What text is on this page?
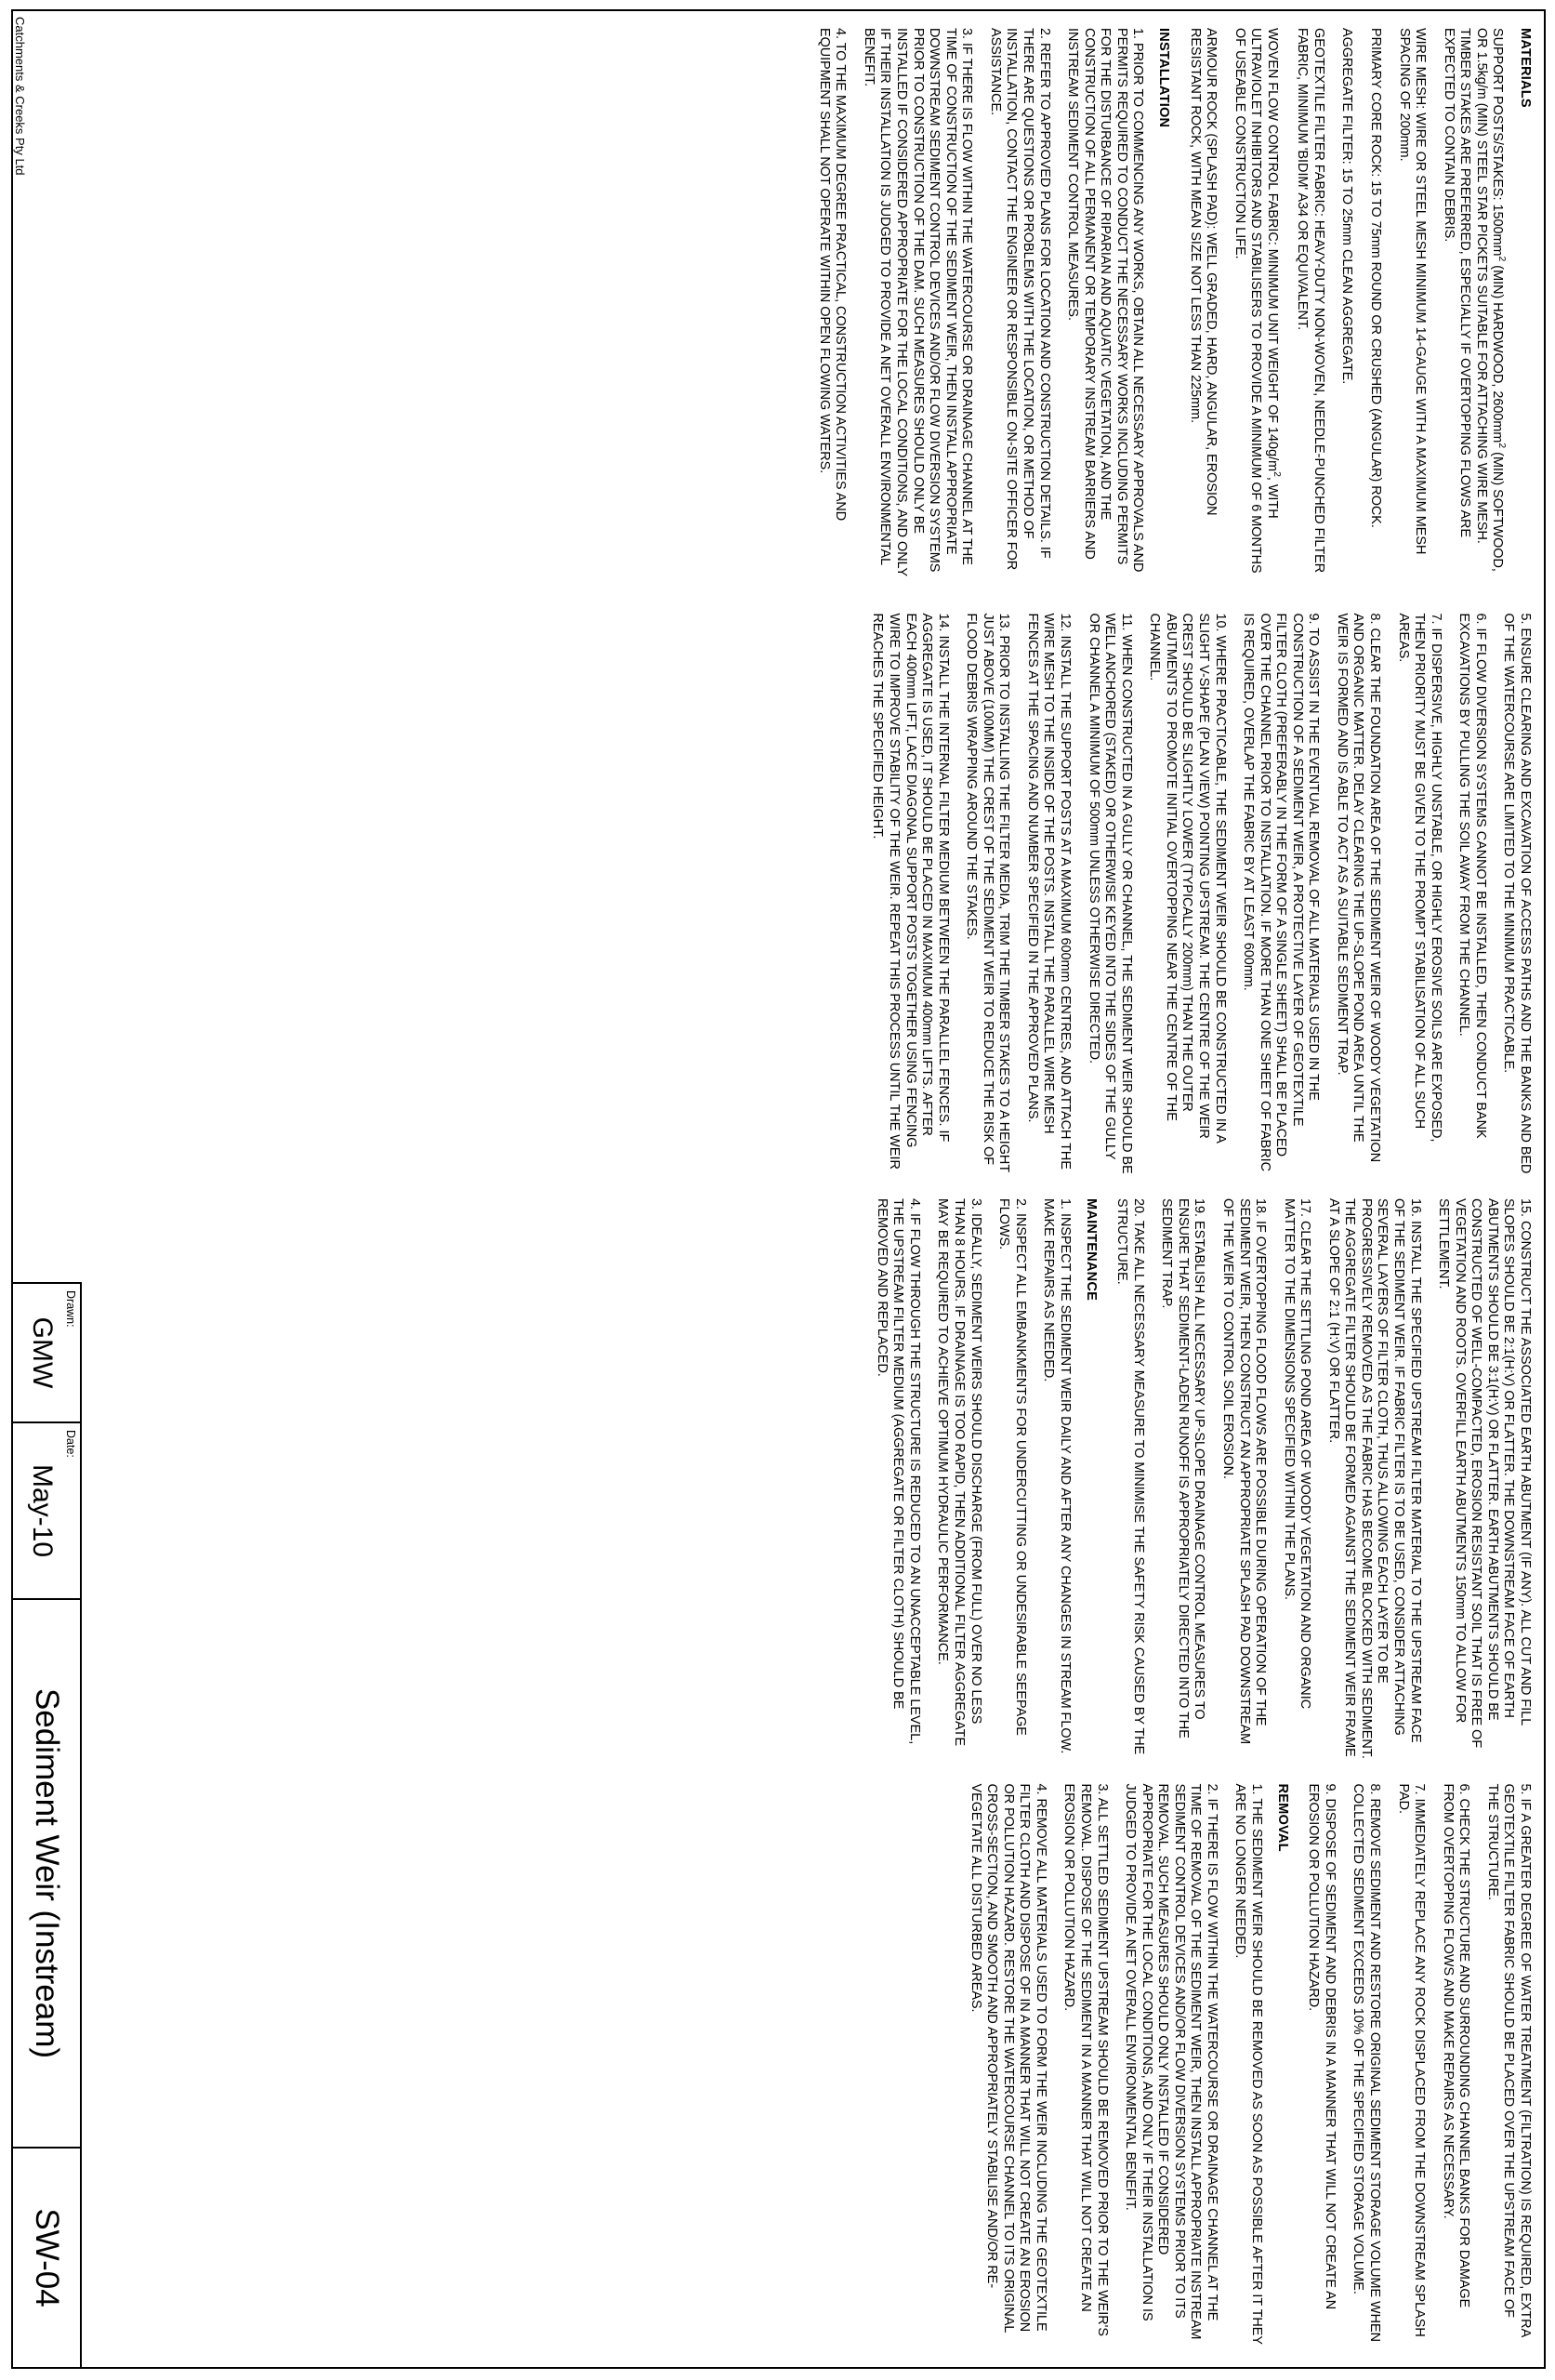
MATERIALS

SUPPORT POSTS/STAKES: $1500mm^2$ (MIN) HARDWOOD, $2600mm^2$ (MIN) SOFTWOOD, OR 1.5kg/m (MIN) STEEL STAR PICKETS SUITABLE FOR ATTACHING WIRE MESH. TIMBER STAKES ARE PREFERRED, ESPECIALLY IF OVERTOPPING FLOWS ARE EXPECTED TO CONTAIN DEBRIS.

WIRE MESH: WIRE OR STEEL MESH MINIMUM 14-GAUGE WITH A MAXIMUM MESH SPACING OF 200mm.

PRIMARY CORE ROCK: 15 TO 75mm ROUND OR CRUSHED (ANGULAR) ROCK.

AGGREGATE FILTER: 15 TO 25mm CLEAN AGGREGATE.

GEOTEXTILE FILTER FABRIC: HEAVY-DUTY NON-WOVEN, NEEDLE-PUNCHED FILTER FABRIC, MINIMUM 'BIDIM' A34 OR EQUIVALENT.

WOVEN FLOW CONTROL FABRIC: MINIMUM UNIT WEIGHT OF $140g/m^2$, WITH ULTRAVIOLET INHIBITORS AND STABILISERS TO PROVIDE A MINIMUM OF 6 MONTHS OF USEABLE CONSTRUCTION LIFE.

ARMOUR ROCK (SPLASH PAD): WELL GRADED, HARD, ANGULAR, EROSION RESISTANT ROCK, WITH MEAN SIZE NOT LESS THAN 225mm.

INSTALLATION

1. PRIOR TO COMMENCING ANY WORKS, OBTAIN ALL NECESSARY APPROVALS AND PERMITS REQUIRED TO CONDUCT THE NECESSARY WORKS INCLUDING PERMITS FOR THE DISTURBANCE OF RIPARIAN AND AQUATIC VEGETATION, AND THE CONSTRUCTION OF ALL PERMANENT OR TEMPORARY INSTREAM BARRIERS AND INSTREAM SEDIMENT CONTROL MEASURES.

2. REFER TO APPROVED PLANS FOR LOCATION AND CONSTRUCTION DETAILS. IF THERE ARE QUESTIONS OR PROBLEMS WITH THE LOCATION, OR METHOD OF INSTALLATION, CONTACT THE ENGINEER OR RESPONSIBLE ON-SITE OFFICER FOR ASSISTANCE.

3. IF THERE IS FLOW WITHIN THE WATERCOURSE OR DRAINAGE CHANNEL AT THE TIME OF CONSTRUCTION OF THE SEDIMENT WEIR, THEN INSTALL APPROPRIATE DOWNSTREAM SEDIMENT CONTROL DEVICES AND/OR FLOW DIVERSION SYSTEMS PRIOR TO CONSTRUCTION OF THE DAM. SUCH MEASURES SHOULD ONLY BE INSTALLED IF CONSIDERED APPROPRIATE FOR THE LOCAL CONDITIONS, AND ONLY IF THEIR INSTALLATION IS JUDGED TO PROVIDE A NET OVERALL ENVIRONMENTAL BENEFIT.

4. TO THE MAXIMUM DEGREE PRACTICAL, CONSTRUCTION ACTIVITIES AND EQUIPMENT SHALL NOT OPERATE WITHIN OPEN FLOWING WATERS.

5. ENSURE CLEARING AND EXCAVATION OF ACCESS PATHS AND THE BANKS AND BED OF THE WATERCOURSE ARE LIMITED TO THE MINIMUM PRACTICABLE.

6. IF FLOW DIVERSION SYSTEMS CANNOT BE INSTALLED, THEN CONDUCT BANK EXCAVATIONS BY PULLING THE SOIL AWAY FROM THE CHANNEL.

7. IF DISPERSIVE, HIGHLY UNSTABLE, OR HIGHLY EROSIVE SOILS ARE EXPOSED, THEN PRIORITY MUST BE GIVEN TO THE PROMPT STABILISATION OF ALL SUCH AREAS.

8. CLEAR THE FOUNDATION AREA OF THE SEDIMENT WEIR OF WOODY VEGETATION AND ORGANIC MATTER. DELAY CLEARING THE UP-SLOPE POND AREA UNTIL THE WEIR IS FORMED AND IS ABLE TO ACT AS A SUITABLE SEDIMENT TRAP.

9. TO ASSIST IN THE EVENTUAL REMOVAL OF ALL MATERIALS USED IN THE CONSTRUCTION OF A SEDIMENT WEIR, A PROTECTIVE LAYER OF GEOTEXTILE FILTER CLOTH (PREFERABLY IN THE FORM OF A SINGLE SHEET) SHALL BE PLACED OVER THE CHANNEL PRIOR TO INSTALLATION. IF MORE THAN ONE SHEET OF FABRIC IS REQUIRED, OVERLAP THE FABRIC BY AT LEAST 600mm.

10. WHERE PRACTICABLE, THE SEDIMENT WEIR SHOULD BE CONSTRUCTED IN A SLIGHT V-SHAPE (PLAN VIEW) POINTING UPSTREAM. THE CENTRE OF THE WEIR CREST SHOULD BE SLIGHTLY LOWER (TYPICALLY 200mm) THAN THE OUTER ABUTMENTS TO PROMOTE INITIAL OVERTOPPING NEAR THE CENTRE OF THE CHANNEL.

11. WHEN CONSTRUCTED IN A GULLY OR CHANNEL, THE SEDIMENT WEIR SHOULD BE WELL ANCHORED (STAKED) OR OTHERWISE KEYED INTO THE SIDES OF THE GULLY OR CHANNEL A MINIMUM OF 500mm UNLESS OTHERWISE DIRECTED.

12. INSTALL THE SUPPORT POSTS AT A MAXIMUM 600mm CENTRES, AND ATTACH THE WIRE MESH TO THE INSIDE OF THE POSTS. INSTALL THE PARALLEL WIRE MESH FENCES AT THE SPACING AND NUMBER SPECIFIED IN THE APPROVED PLANS.

13. PRIOR TO INSTALLING THE FILTER MEDIA, TRIM THE TIMBER STAKES TO A HEIGHT JUST ABOVE (100MM) THE CREST OF THE SEDIMENT WEIR TO REDUCE THE RISK OF FLOOD DEBRIS WRAPPING AROUND THE STAKES.

14. INSTALL THE INTERNAL FILTER MEDIUM BETWEEN THE PARALLEL FENCES. IF AGGREGATE IS USED, IT SHOULD BE PLACED IN MAXIMUM 400mm LIFTS. AFTER EACH 400mm LIFT, LACE DIAGONAL SUPPORT POSTS TOGETHER USING FENCING WIRE TO IMPROVE STABILITY OF THE WEIR. REPEAT THIS PROCESS UNTIL THE WEIR REACHES THE SPECIFIED HEIGHT.

15. CONSTRUCT THE ASSOCIATED EARTH ABUTMENT (IF ANY). ALL CUT AND FILL SLOPES SHOULD BE 2:1(H:V) OR FLATTER. THE DOWNSTREAM FACE OF EARTH ABUTMENTS SHOULD BE 3:1(H:V) OR FLATTER. EARTH ABUTMENTS SHOULD BE CONSTRUCTED OF WELL-COMPACTED, EROSION RESISTANT SOIL THAT IS FREE OF VEGETATION AND ROOTS. OVERFILL EARTH ABUTMENTS 150mm TO ALLOW FOR SETTLEMENT.

16. INSTALL THE SPECIFIED UPSTREAM FILTER MATERIAL TO THE UPSTREAM FACE OF THE SEDIMENT WEIR. IF FABRIC FILTER IS TO BE USED, CONSIDER ATTACHING SEVERAL LAYERS OF FILTER CLOTH, THUS ALLOWING EACH LAYER TO BE PROGRESSIVELY REMOVED AS THE FABRIC HAS BECOME BLOCKED WITH SEDIMENT. THE AGGREGATE FILTER SHOULD BE FORMED AGAINST THE SEDIMENT WEIR FRAME AT A SLOPE OF 2:1 (H:V) OR FLATTER.

17. CLEAR THE SETTLING POND AREA OF WOODY VEGETATION AND ORGANIC MATTER TO THE DIMENSIONS SPECIFIED WITHIN THE PLANS.

18. IF OVERTOPPING FLOOD FLOWS ARE POSSIBLE DURING OPERATION OF THE SEDIMENT WEIR, THEN CONSTRUCT AN APPROPRIATE SPLASH PAD DOWNSTREAM OF THE WEIR TO CONTROL SOIL EROSION.

19. ESTABLISH ALL NECESSARY UP-SLOPE DRAINAGE CONTROL MEASURES TO ENSURE THAT SEDIMENT-LADEN RUNOFF IS APPROPRIATELY DIRECTED INTO THE SEDIMENT TRAP.

20. TAKE ALL NECESSARY MEASURE TO MINIMISE THE SAFETY RISK CAUSED BY THE STRUCTURE.

MAINTENANCE

1. INSPECT THE SEDIMENT WEIR DAILY AND AFTER ANY CHANGES IN STREAM FLOW. MAKE REPAIRS AS NEEDED.

2. INSPECT ALL EMBANKMENTS FOR UNDERCUTTING OR UNDESIRABLE SEEPAGE FLOWS.

3. IDEALLY, SEDIMENT WEIRS SHOULD DISCHARGE (FROM FULL) OVER NO LESS THAN 8 HOURS. IF DRAINAGE IS TOO RAPID, THEN ADDITIONAL FILTER AGGREGATE MAY BE REQUIRED TO ACHIEVE OPTIMUM HYDRAULIC PERFORMANCE.

4. IF FLOW THROUGH THE STRUCTURE IS REDUCED TO AN UNACCEPTABLE LEVEL, THE UPSTREAM FILTER MEDIUM (AGGREGATE OR FILTER CLOTH) SHOULD BE REMOVED AND REPLACED.

5. IF A GREATER DEGREE OF WATER TREATMENT (FILTRATION) IS REQUIRED, EXTRA GEOTEXTILE FILTER FABRIC SHOULD BE PLACED OVER THE UPSTREAM FACE OF THE STRUCTURE.

6. CHECK THE STRUCTURE AND SURROUNDING CHANNEL BANKS FOR DAMAGE FROM OVERTOPPING FLOWS AND MAKE REPAIRS AS NECESSARY.

7. IMMEDIATELY REPLACE ANY ROCK DISPLACED FROM THE DOWNSTREAM SPLASH PAD.

8. REMOVE SEDIMENT AND RESTORE ORIGINAL SEDIMENT STORAGE VOLUME WHEN COLLECTED SEDIMENT EXCEEDS 10% OF THE SPECIFIED STORAGE VOLUME.

9. DISPOSE OF SEDIMENT AND DEBRIS IN A MANNER THAT WILL NOT CREATE AN EROSION OR POLLUTION HAZARD.

REMOVAL

1. THE SEDIMENT WEIR SHOULD BE REMOVED AS SOON AS POSSIBLE AFTER IT THEY ARE NO LONGER NEEDED.

2. IF THERE IS FLOW WITHIN THE WATERCOURSE OR DRAINAGE CHANNEL AT THE TIME OF REMOVAL OF THE SEDIMENT WEIR, THEN INSTALL APPROPRIATE INSTREAM SEDIMENT CONTROL DEVICES AND/OR FLOW DIVERSION SYSTEMS PRIOR TO ITS REMOVAL. SUCH MEASURES SHOULD ONLY INSTALLED IF CONSIDERED APPROPRIATE FOR THE LOCAL CONDITIONS, AND ONLY IF THEIR INSTALLATION IS JUDGED TO PROVIDE A NET OVERALL ENVIRONMENTAL BENEFIT.

3. ALL SETTLED SEDIMENT UPSTREAM SHOULD BE REMOVED PRIOR TO THE WEIR'S REMOVAL. DISPOSE OF THE SEDIMENT IN A MANNER THAT WILL NOT CREATE AN EROSION OR POLLUTION HAZARD.

4. REMOVE ALL MATERIALS USED TO FORM THE WEIR INCLUDING THE GEOTEXTILE FILTER CLOTH AND DISPOSE OF IN A MANNER THAT WILL NOT CREATE AN EROSION OR POLLUTION HAZARD. RESTORE THE WATERCOURSE CHANNEL TO ITS ORIGINAL CROSS-SECTION, AND SMOOTH AND APPROPRIATELY STABILISE AND/OR RE-VEGETATE ALL DISTURBED AREAS.

Drawn:
GMW
Date:
May-10
Sediment Weir (Instream)
SW-04
Catchments & Creeks Pty Ltd
